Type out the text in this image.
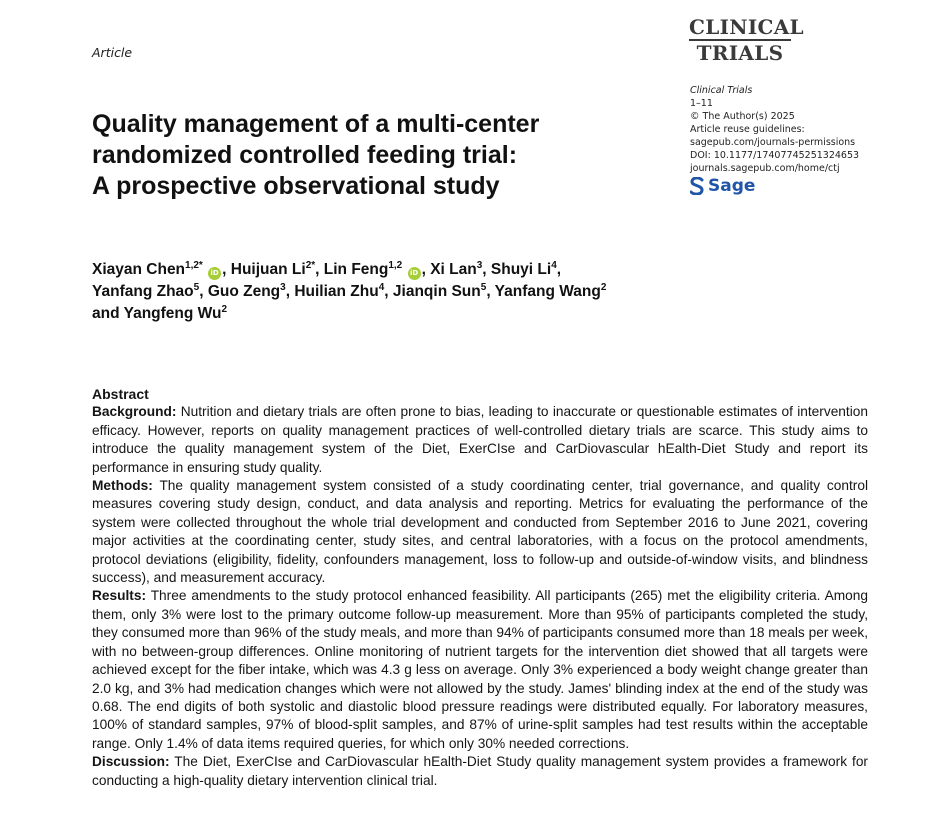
Article
CLINICAL
TRIALS
Clinical Trials
1–11
© The Author(s) 2025
Article reuse guidelines:
sagepub.com/journals-permissions
DOI: 10.1177/17407745251324653
journals.sagepub.com/home/ctj
Sage
Quality management of a multi-center
randomized controlled feeding trial:
A prospective observational study
Xiayan Chen$^{1,2*}$ iD , Huijuan $Li^{2*}$, Lin Feng$^{1,2}$ iD , Xi Lan$^3$, Shuyi Li$^4$,
Yanfang Zhao$^5$, Guo Zeng$^3$, Huilian Zhu$^4$, Jianqin Sun$^5$, Yanfang Wang$^2$
and Yangfeng Wu$^2$
Abstract

Background: Nutrition and dietary trials are often prone to bias, leading to inaccurate or questionable estimates of intervention efficacy. However, reports on quality management practices of well-controlled dietary trials are scarce. This study aims to introduce the quality management system of the Diet, ExerCIse and CarDiovascular hEalth-Diet Study and report its performance in ensuring study quality.

Methods: The quality management system consisted of a study coordinating center, trial governance, and quality control measures covering study design, conduct, and data analysis and reporting. Metrics for evaluating the performance of the system were collected throughout the whole trial development and conducted from September 2016 to June 2021, covering major activities at the coordinating center, study sites, and central laboratories, with a focus on the protocol amendments, protocol deviations (eligibility, fidelity, confounders management, loss to follow-up and outside-of-window visits, and blindness success), and measurement accuracy.

Results: Three amendments to the study protocol enhanced feasibility. All participants (265) met the eligibility criteria. Among them, only 3% were lost to the primary outcome follow-up measurement. More than 95% of participants completed the study, they consumed more than 96% of the study meals, and more than 94% of participants consumed more than 18 meals per week, with no between-group differences. Online monitoring of nutrient targets for the intervention diet showed that all targets were achieved except for the fiber intake, which was 4.3 g less on average. Only 3% experienced a body weight change greater than 2.0 kg, and 3% had medication changes which were not allowed by the study. James' blinding index at the end of the study was 0.68. The end digits of both systolic and diastolic blood pressure readings were distributed equally. For laboratory measures, 100% of standard samples, 97% of blood-split samples, and 87% of urine-split samples had test results within the acceptable range. Only 1.4% of data items required queries, for which only 30% needed corrections.

Discussion: The Diet, ExerCIse and CarDiovascular hEalth-Diet Study quality management system provides a framework for conducting a high-quality dietary intervention clinical trial.
